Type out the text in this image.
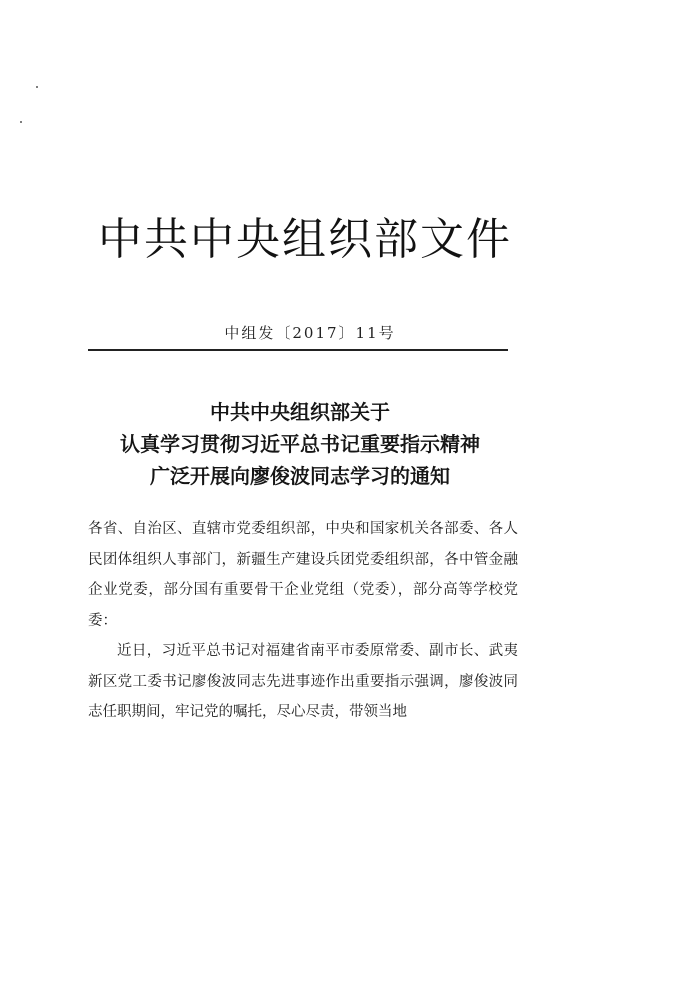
中共中央组织部文件
中组发〔2017〕11号
中共中央组织部关于
认真学习贯彻习近平总书记重要指示精神
广泛开展向廖俊波同志学习的通知

各省、自治区、直辖市党委组织部，中央和国家机关各部委、各人民团体组织人事部门，新疆生产建设兵团党委组织部，各中管金融企业党委，部分国有重要骨干企业党组（党委），部分高等学校党委：

近日，习近平总书记对福建省南平市委原常委、副市长、武夷新区党工委书记廖俊波同志先进事迹作出重要指示强调，廖俊波同志任职期间，牢记党的嘱托，尽心尽责，带领当地
